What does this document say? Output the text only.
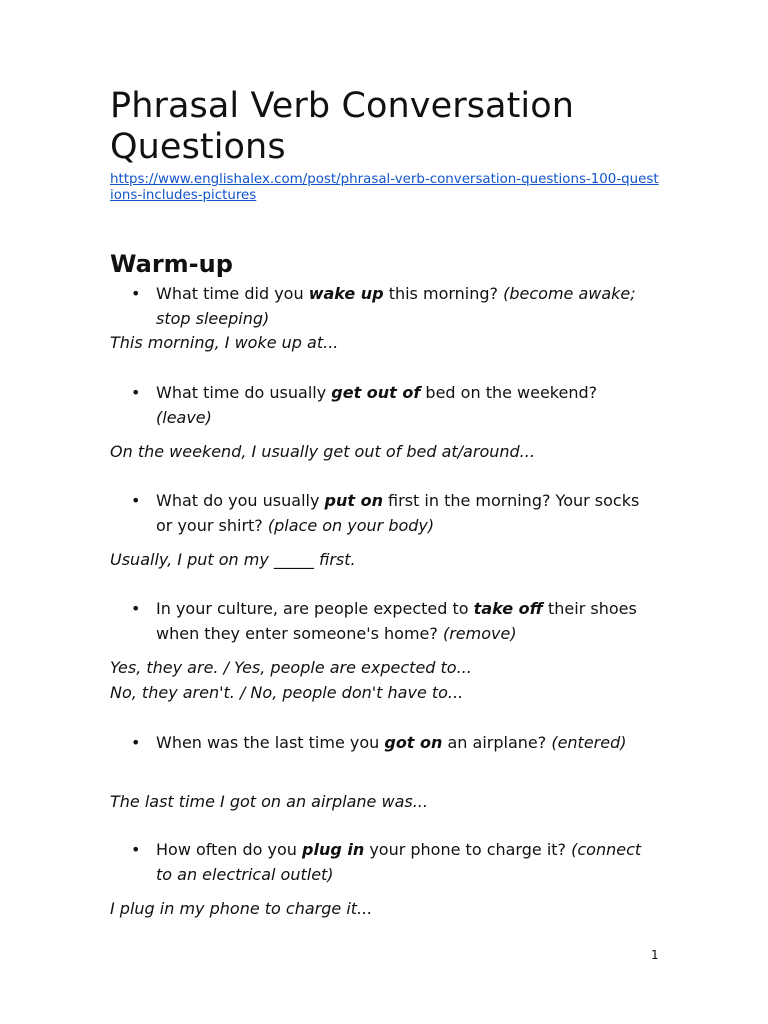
Phrasal Verb Conversation Questions
https://www.englishalex.com/post/phrasal-verb-conversation-questions-100-questions-includes-pictures
Warm-up
• What time did you wake up this morning? (become awake; stop sleeping)
This morning, I woke up at...
• What time do usually get out of bed on the weekend? (leave)
On the weekend, I usually get out of bed at/around...
• What do you usually put on first in the morning? Your socks or your shirt? (place on your body)
Usually, I put on my _____ first.
• In your culture, are people expected to take off their shoes when they enter someone's home? (remove)
Yes, they are. / Yes, people are expected to...
No, they aren't. / No, people don't have to...
• When was the last time you got on an airplane? (entered)
The last time I got on an airplane was...
• How often do you plug in your phone to charge it? (connect to an electrical outlet)
I plug in my phone to charge it...
1
